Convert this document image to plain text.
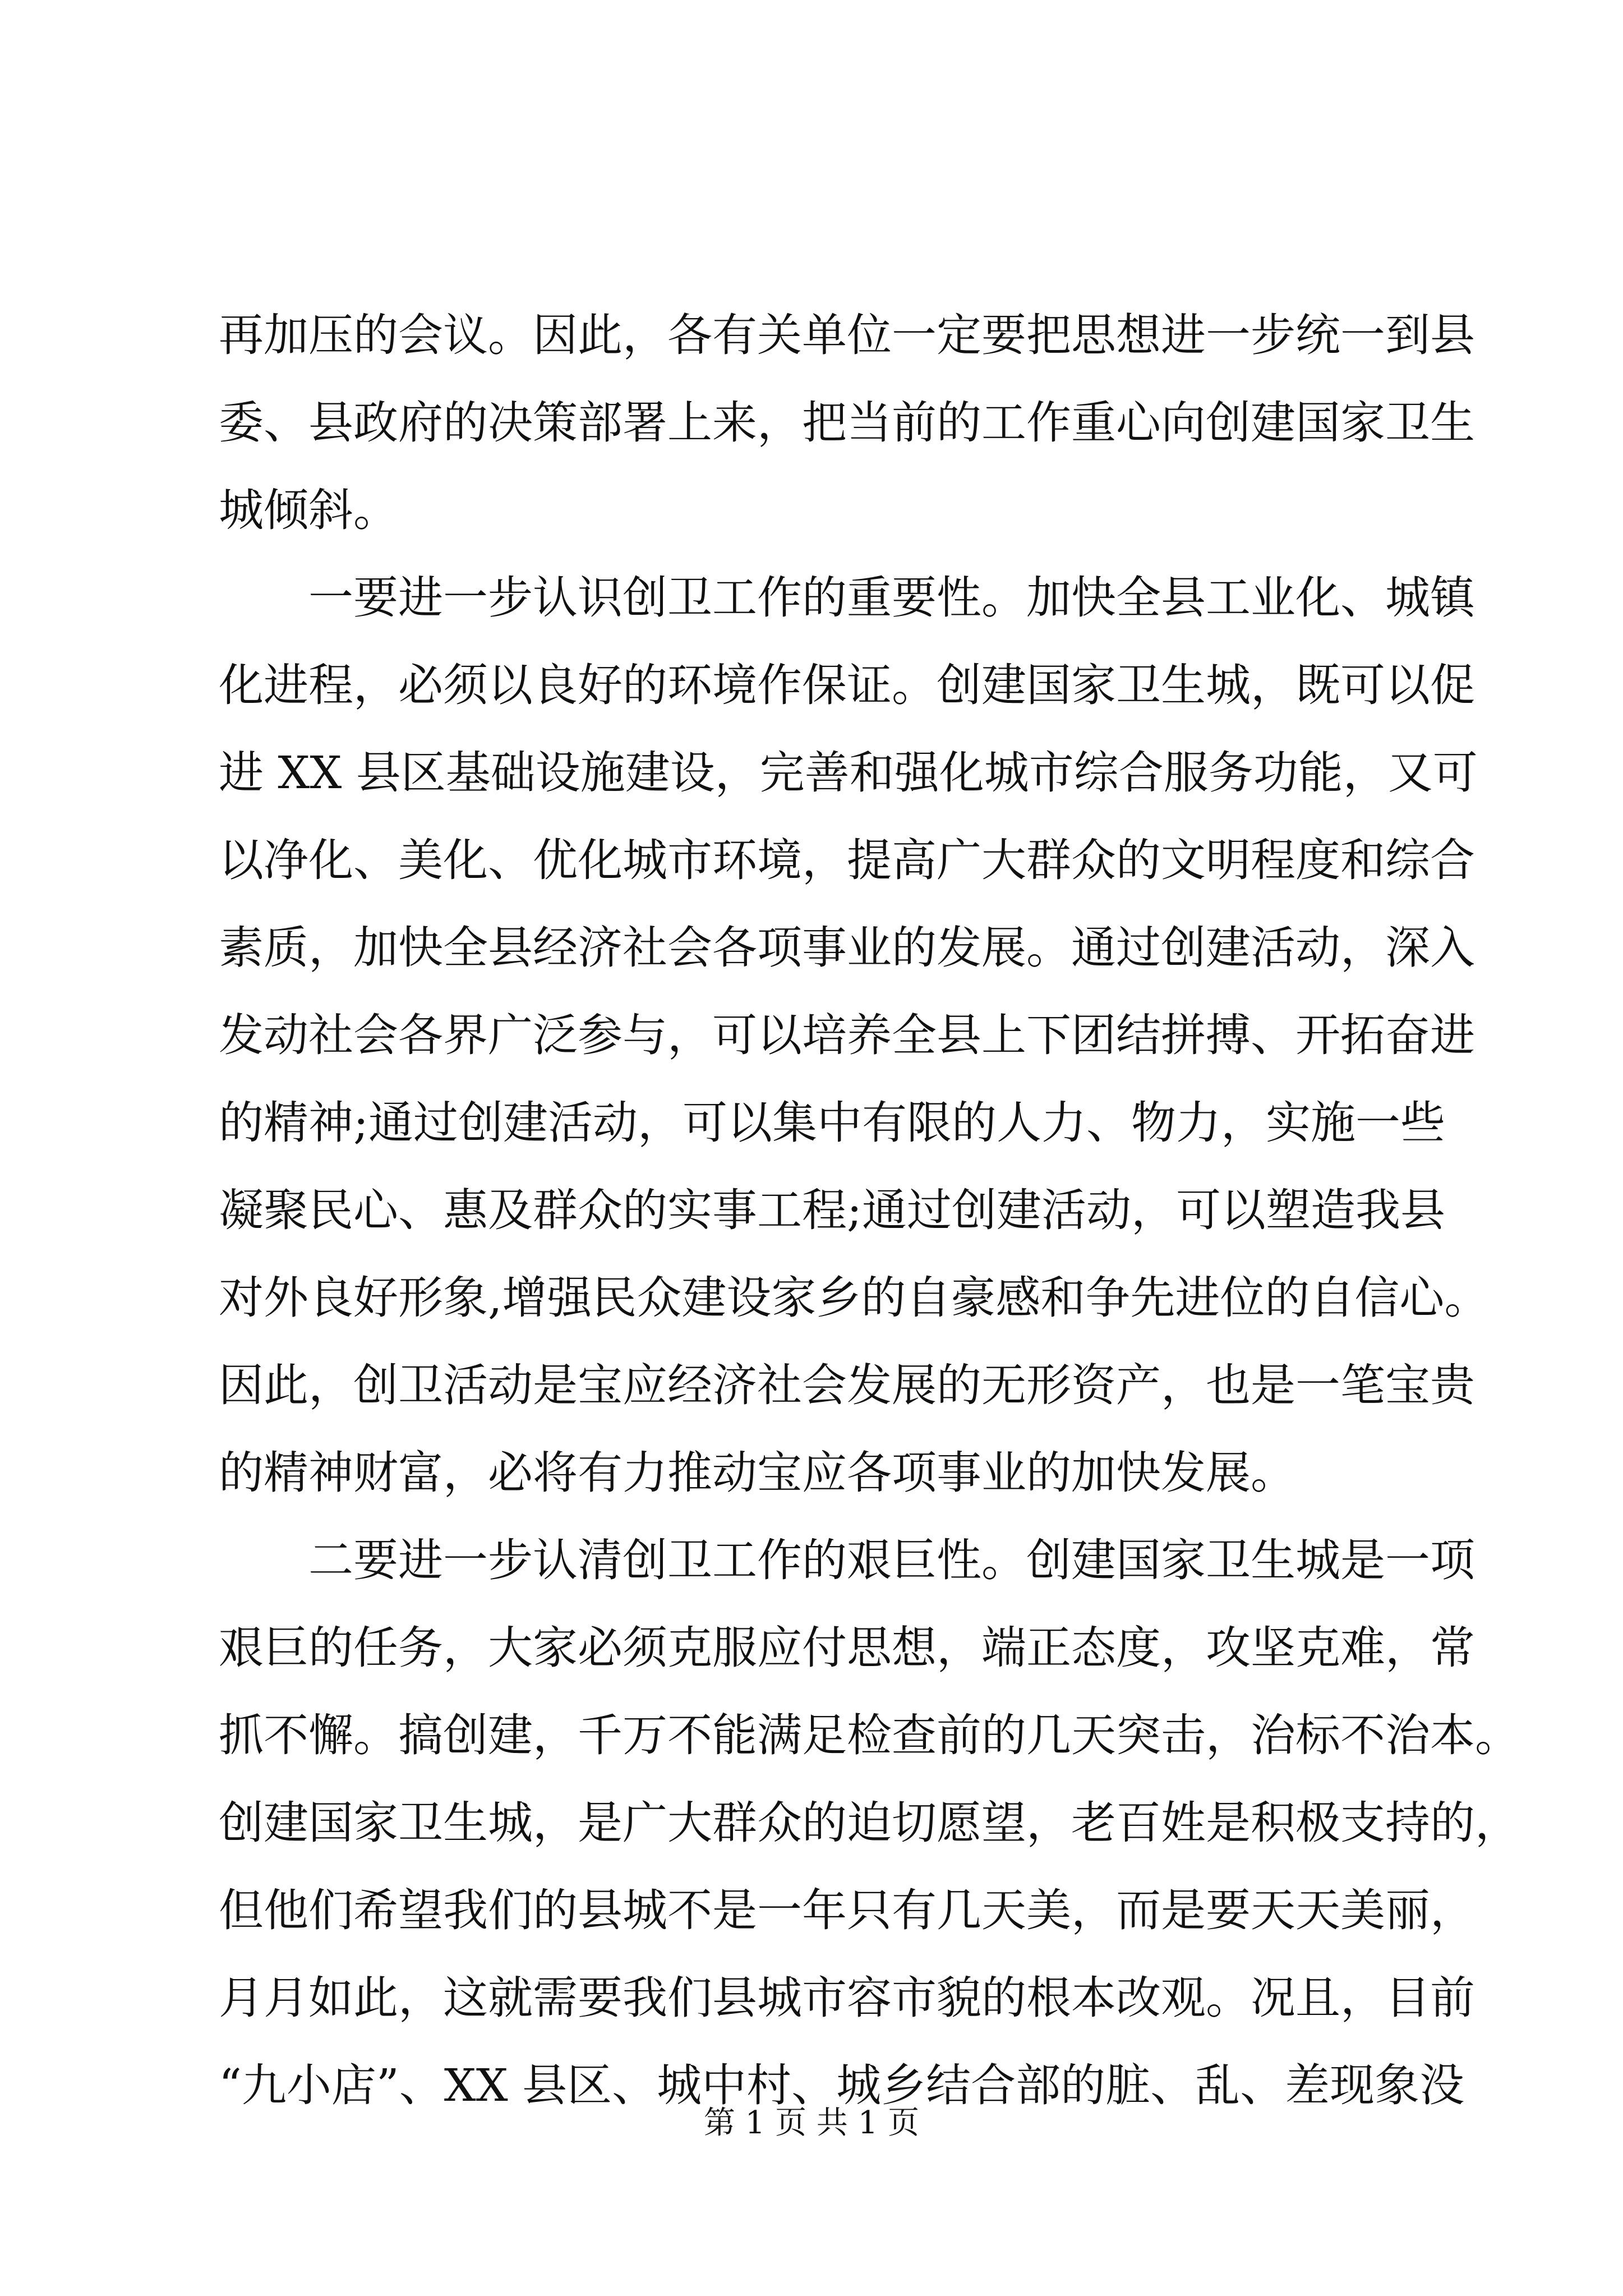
再加压的会议。因此，各有关单位一定要把思想进一步统一到县
委、县政府的决策部署上来，把当前的工作重心向创建国家卫生
城倾斜。
一要进一步认识创卫工作的重要性。加快全县工业化、城镇
化进程，必须以良好的环境作保证。创建国家卫生城，既可以促
进 XX 县区基础设施建设，完善和强化城市综合服务功能，又可
以净化、美化、优化城市环境，提高广大群众的文明程度和综合
素质，加快全县经济社会各项事业的发展。通过创建活动，深入
发动社会各界广泛参与，可以培养全县上下团结拼搏、开拓奋进
的精神;通过创建活动，可以集中有限的人力、物力，实施一些
凝聚民心、惠及群众的实事工程;通过创建活动，可以塑造我县
对外良好形象,增强民众建设家乡的自豪感和争先进位的自信心。
因此，创卫活动是宝应经济社会发展的无形资产，也是一笔宝贵
的精神财富，必将有力推动宝应各项事业的加快发展。
二要进一步认清创卫工作的艰巨性。创建国家卫生城是一项
艰巨的任务，大家必须克服应付思想，端正态度，攻坚克难，常
抓不懈。搞创建，千万不能满足检查前的几天突击，治标不治本。
创建国家卫生城，是广大群众的迫切愿望，老百姓是积极支持的，
但他们希望我们的县城不是一年只有几天美，而是要天天美丽，
月月如此，这就需要我们县城市容市貌的根本改观。况且，目前
“九小店”、XX 县区、城中村、城乡结合部的脏、乱、差现象没
第 1 页 共 1 页
